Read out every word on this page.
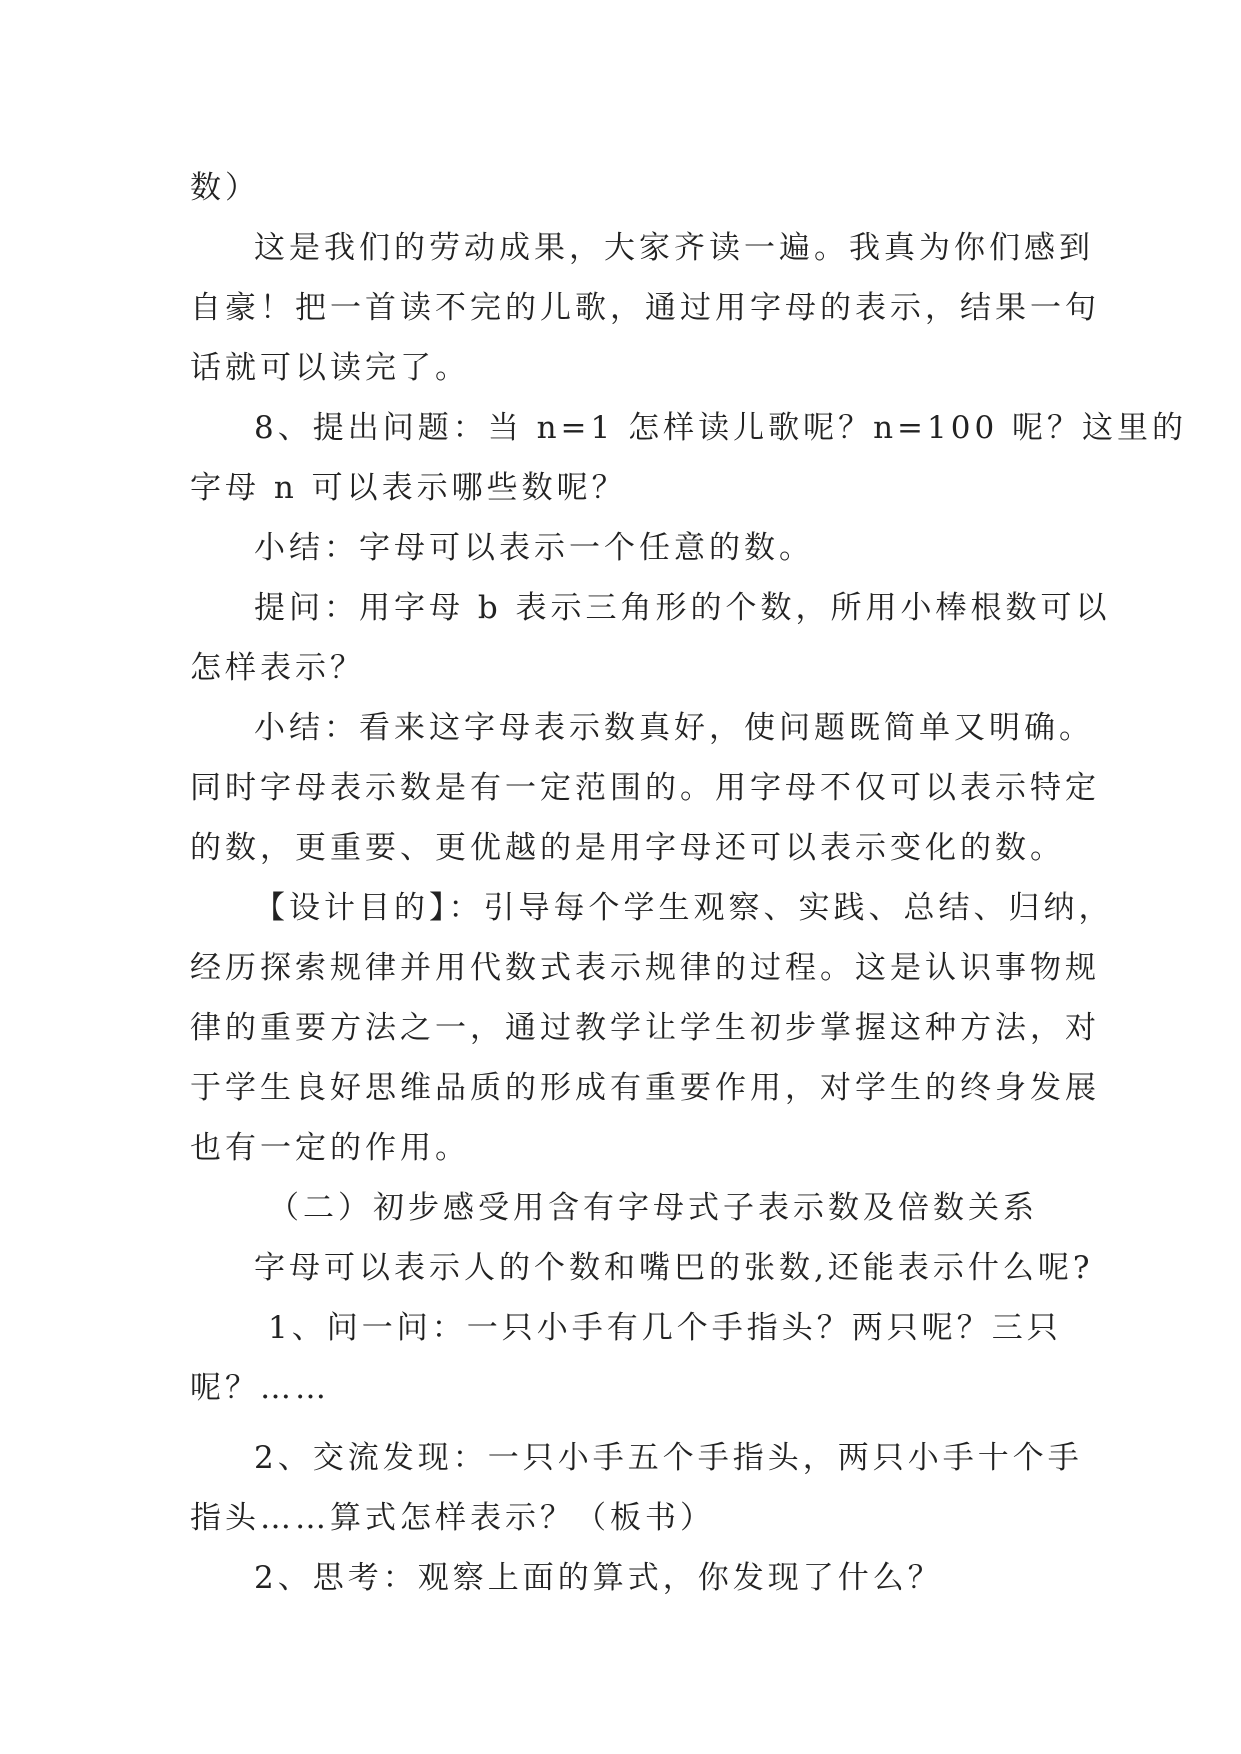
数）
这是我们的劳动成果，大家齐读一遍。我真为你们感到
自豪！把一首读不完的儿歌，通过用字母的表示，结果一句
话就可以读完了。
8、提出问题：当 n=1 怎样读儿歌呢？n=100 呢？这里的
字母 n 可以表示哪些数呢？
小结：字母可以表示一个任意的数。
提问：用字母 b 表示三角形的个数，所用小棒根数可以
怎样表示？
小结：看来这字母表示数真好，使问题既简单又明确。
同时字母表示数是有一定范围的。用字母不仅可以表示特定
的数，更重要、更优越的是用字母还可以表示变化的数。
【设计目的】：引导每个学生观察、实践、总结、归纳，
经历探索规律并用代数式表示规律的过程。这是认识事物规
律的重要方法之一，通过教学让学生初步掌握这种方法，对
于学生良好思维品质的形成有重要作用，对学生的终身发展
也有一定的作用。
（二）初步感受用含有字母式子表示数及倍数关系
字母可以表示人的个数和嘴巴的张数,还能表示什么呢?
1、问一问：一只小手有几个手指头？两只呢？三只
呢？……
2、交流发现：一只小手五个手指头，两只小手十个手
指头……算式怎样表示？（板书）
2、思考：观察上面的算式，你发现了什么？
